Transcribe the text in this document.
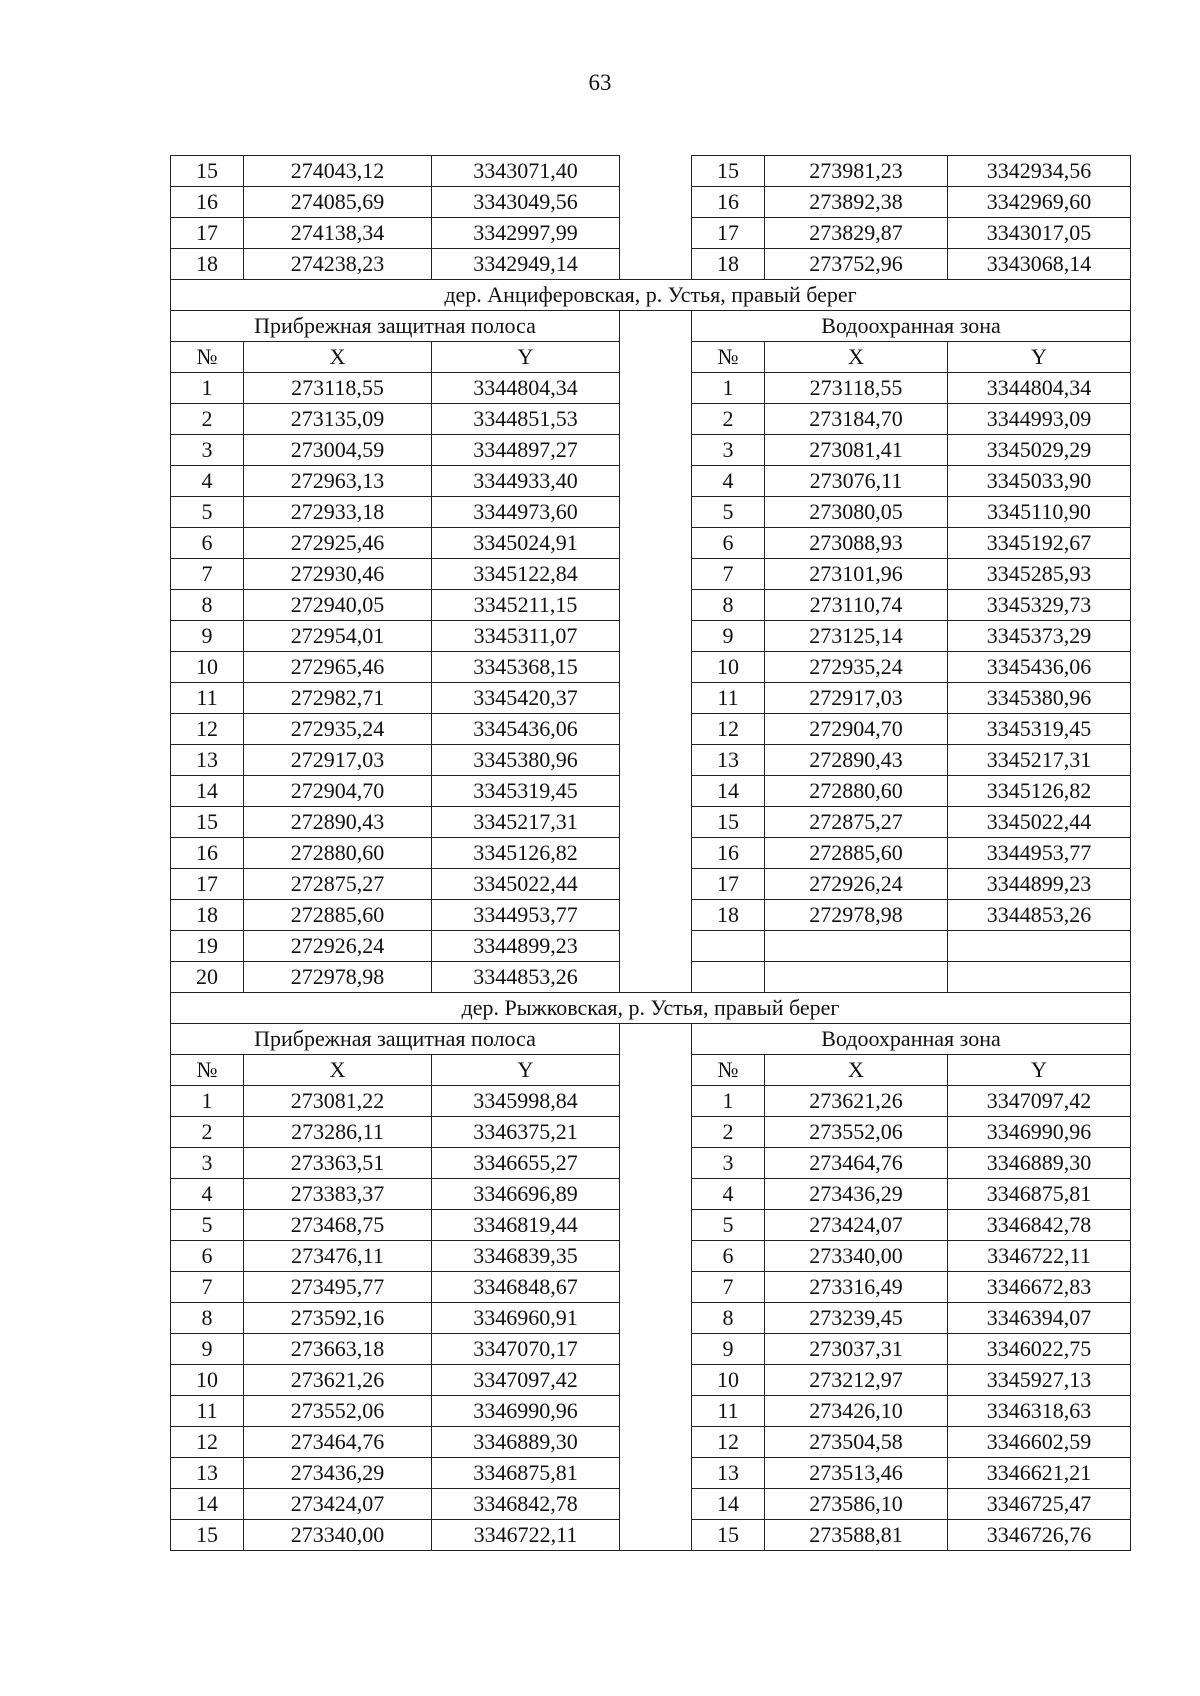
63
15	274043,12	3343071,40		15	273981,23	3342934,56
16	274085,69	3343049,56		16	273892,38	3342969,60
17	274138,34	3342997,99		17	273829,87	3343017,05
18	274238,23	3342949,14		18	273752,96	3343068,14
дер. Анциферовская, р. Устья, правый берег						
Прибрежная защитная полоса				Водоохранная зона		
№	X	Y		№	X	Y
1	273118,55	3344804,34		1	273118,55	3344804,34
2	273135,09	3344851,53		2	273184,70	3344993,09
3	273004,59	3344897,27		3	273081,41	3345029,29
4	272963,13	3344933,40		4	273076,11	3345033,90
5	272933,18	3344973,60		5	273080,05	3345110,90
6	272925,46	3345024,91		6	273088,93	3345192,67
7	272930,46	3345122,84		7	273101,96	3345285,93
8	272940,05	3345211,15		8	273110,74	3345329,73
9	272954,01	3345311,07		9	273125,14	3345373,29
10	272965,46	3345368,15		10	272935,24	3345436,06
11	272982,71	3345420,37		11	272917,03	3345380,96
12	272935,24	3345436,06		12	272904,70	3345319,45
13	272917,03	3345380,96		13	272890,43	3345217,31
14	272904,70	3345319,45		14	272880,60	3345126,82
15	272890,43	3345217,31		15	272875,27	3345022,44
16	272880,60	3345126,82		16	272885,60	3344953,77
17	272875,27	3345022,44		17	272926,24	3344899,23
18	272885,60	3344953,77		18	272978,98	3344853,26
19	272926,24	3344899,23				
20	272978,98	3344853,26				
дер. Рыжковская, р. Устья, правый берег						
Прибрежная защитная полоса				Водоохранная зона		
№	X	Y		№	X	Y
1	273081,22	3345998,84		1	273621,26	3347097,42
2	273286,11	3346375,21		2	273552,06	3346990,96
3	273363,51	3346655,27		3	273464,76	3346889,30
4	273383,37	3346696,89		4	273436,29	3346875,81
5	273468,75	3346819,44		5	273424,07	3346842,78
6	273476,11	3346839,35		6	273340,00	3346722,11
7	273495,77	3346848,67		7	273316,49	3346672,83
8	273592,16	3346960,91		8	273239,45	3346394,07
9	273663,18	3347070,17		9	273037,31	3346022,75
10	273621,26	3347097,42		10	273212,97	3345927,13
11	273552,06	3346990,96		11	273426,10	3346318,63
12	273464,76	3346889,30		12	273504,58	3346602,59
13	273436,29	3346875,81		13	273513,46	3346621,21
14	273424,07	3346842,78		14	273586,10	3346725,47
15	273340,00	3346722,11		15	273588,81	3346726,76
